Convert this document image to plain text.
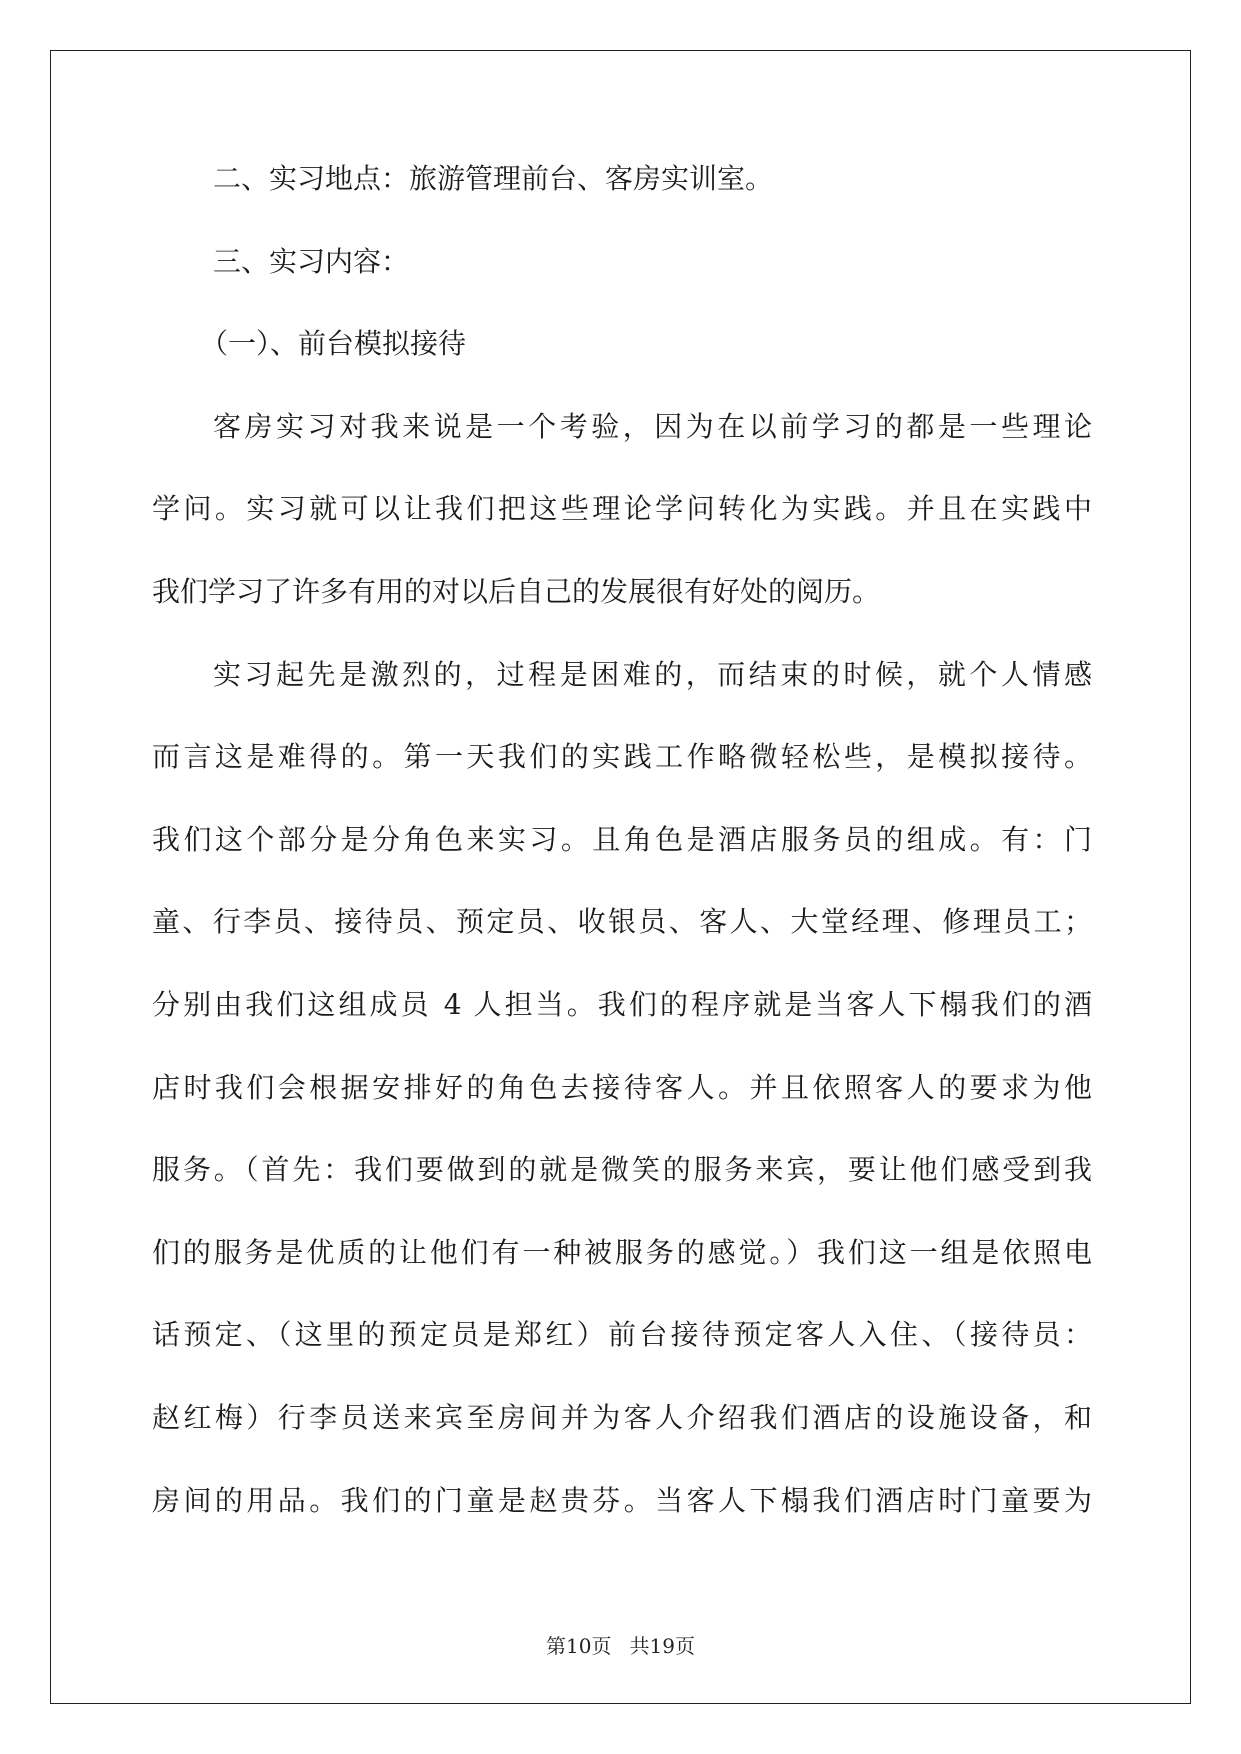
二、实习地点：旅游管理前台、客房实训室。
三、实习内容：
（一）、前台模拟接待
客房实习对我来说是一个考验，因为在以前学习的都是一些理论
学问。实习就可以让我们把这些理论学问转化为实践。并且在实践中
我们学习了许多有用的对以后自己的发展很有好处的阅历。
实习起先是激烈的，过程是困难的，而结束的时候，就个人情感
而言这是难得的。第一天我们的实践工作略微轻松些，是模拟接待。
我们这个部分是分角色来实习。且角色是酒店服务员的组成。有：门
童、行李员、接待员、预定员、收银员、客人、大堂经理、修理员工；
分别由我们这组成员 4 人担当。我们的程序就是当客人下榻我们的酒
店时我们会根据安排好的角色去接待客人。并且依照客人的要求为他
服务。（首先：我们要做到的就是微笑的服务来宾，要让他们感受到我
们的服务是优质的让他们有一种被服务的感觉。）我们这一组是依照电
话预定、（这里的预定员是郑红）前台接待预定客人入住、（接待员：
赵红梅）行李员送来宾至房间并为客人介绍我们酒店的设施设备，和
房间的用品。我们的门童是赵贵芬。当客人下榻我们酒店时门童要为
第10页 共19页
